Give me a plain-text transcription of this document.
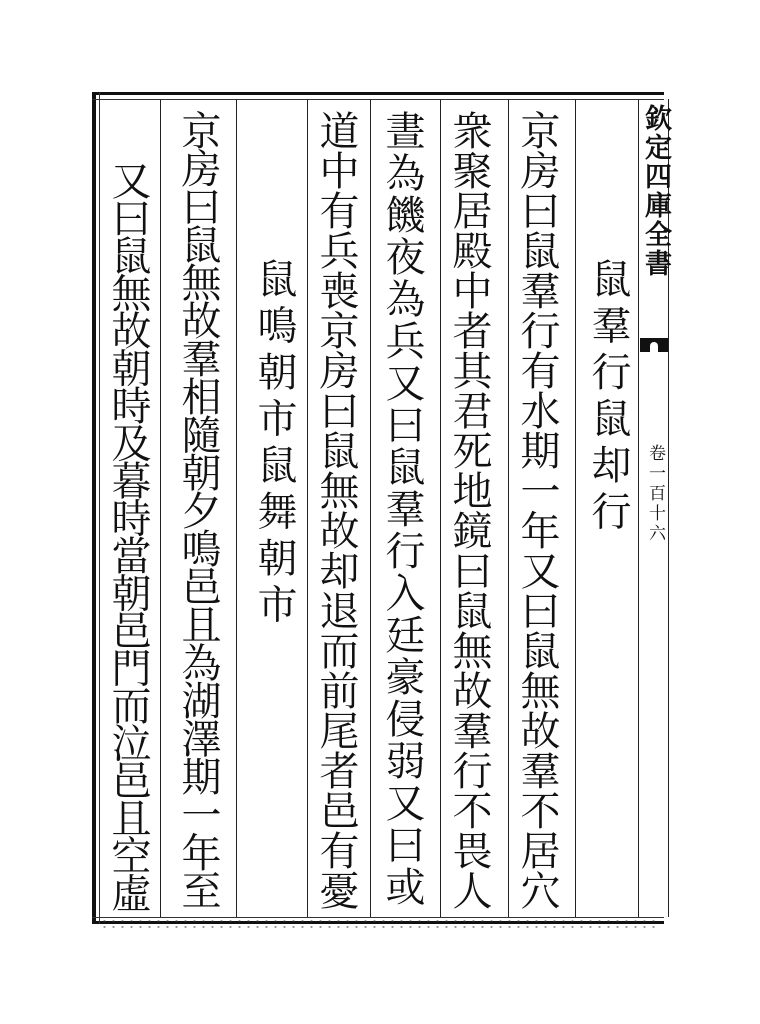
欽定四庫全書
卷一百十六
鼠羣行鼠却行
京房曰鼠羣行有水期一年又曰鼠無故羣不居穴
衆聚居殿中者其君死地鏡曰鼠無故羣行不畏人
晝為饑夜為兵又曰鼠羣行入廷豪侵弱又曰或
道中有兵喪京房曰鼠無故却退而前尾者邑有憂
鼠鳴朝市鼠舞朝市
京房曰鼠無故羣相隨朝夕鳴邑且為湖澤期一年至
又曰鼠無故朝時及暮時當朝邑門而泣邑且空虛
